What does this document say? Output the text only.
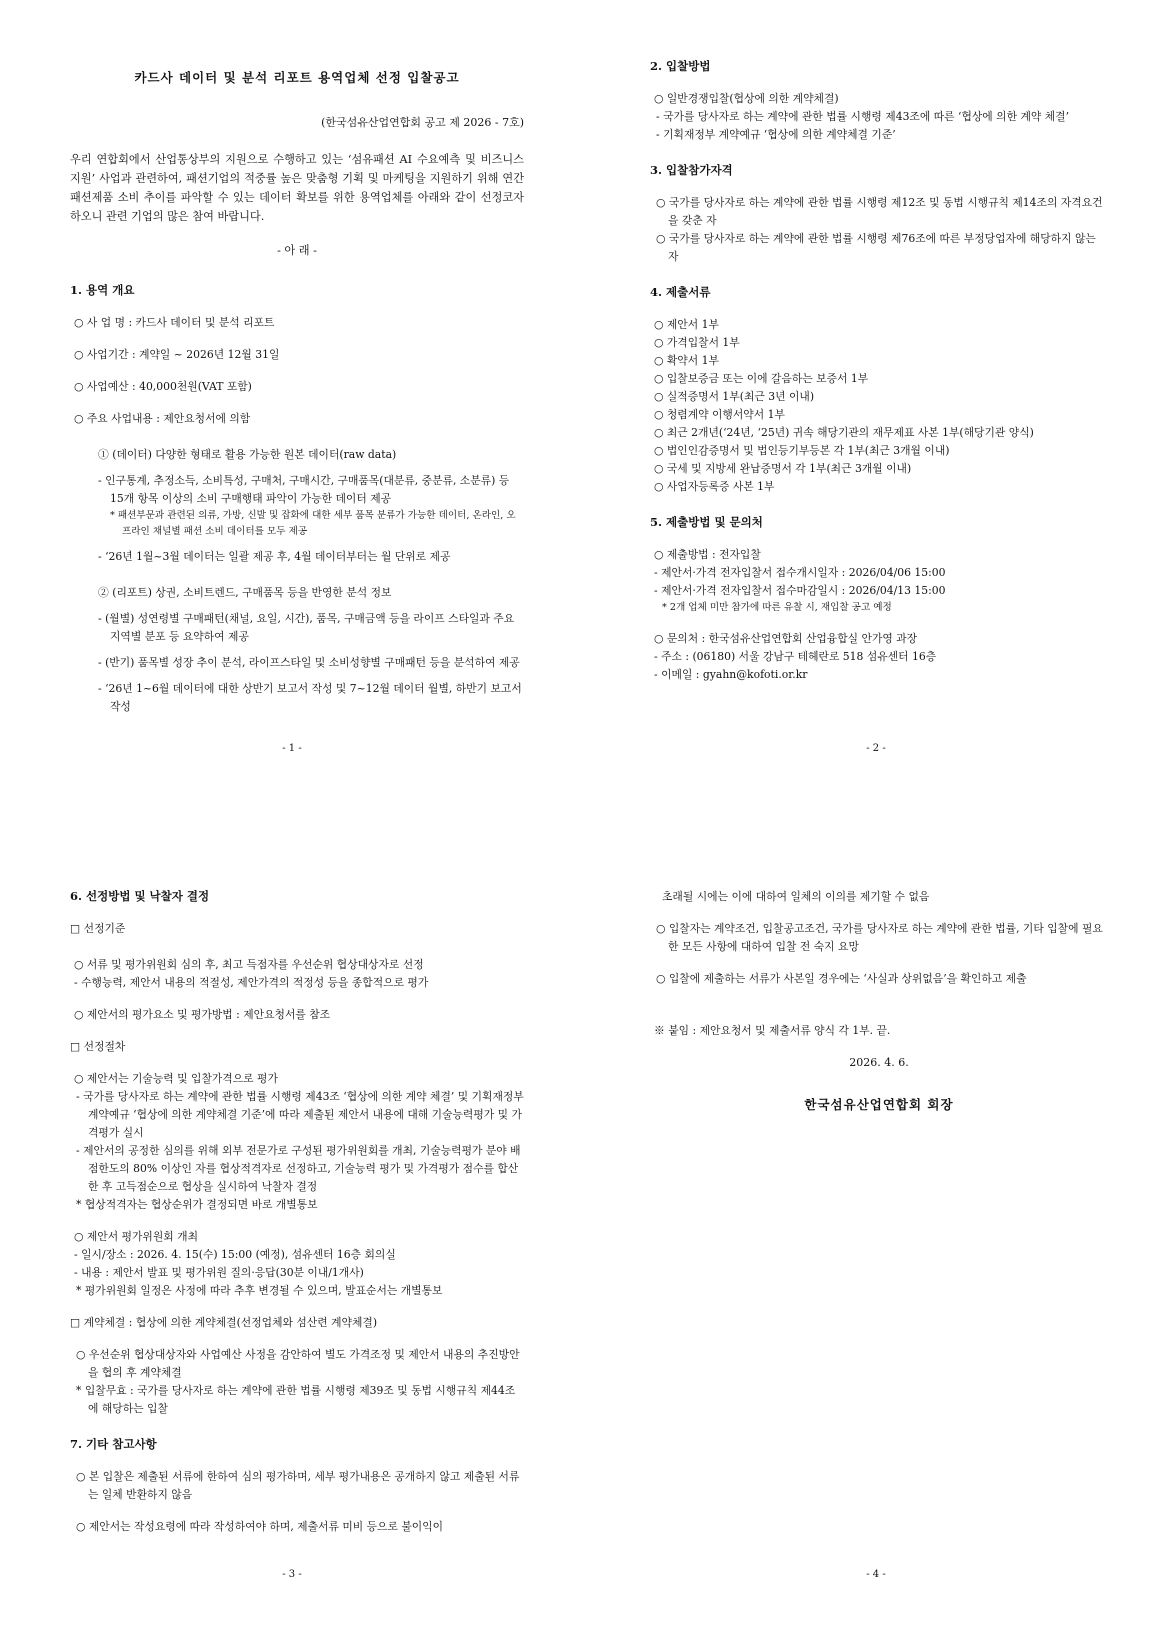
카드사 데이터 및 분석 리포트 용역업체 선정 입찰공고
(한국섬유산업연합회 공고 제 2026 - 7호)

우리 연합회에서 산업통상부의 지원으로 수행하고 있는 ‘섬유패션 AI 수요예측 및 비즈니스 지원’ 사업과 관련하여, 패션기업의 적중률 높은 맞춤형 기획 및 마케팅을 지원하기 위해 연간 패션제품 소비 추이를 파악할 수 있는 데이터 확보를 위한 용역업체를 아래와 같이 선정코자 하오니 관련 기업의 많은 참여 바랍니다.

- 아 래 -
1. 용역 개요

○ 사 업 명 : 카드사 데이터 및 분석 리포트

○ 사업기간 : 계약일 ~ 2026년 12월 31일

○ 사업예산 : 40,000천원(VAT 포함)

○ 주요 사업내용 : 제안요청서에 의함

① (데이터) 다양한 형태로 활용 가능한 원본 데이터(raw data)

- 인구통계, 추정소득, 소비특성, 구매처, 구매시간, 구매품목(대분류, 중분류, 소분류) 등 15개 항목 이상의 소비 구매행태 파악이 가능한 데이터 제공

* 패션부문과 관련된 의류, 가방, 신발 및 잡화에 대한 세부 품목 분류가 가능한 데이터, 온라인, 오프라인 채널별 패션 소비 데이터를 모두 제공

- ‘26년 1월~3월 데이터는 일괄 제공 후, 4월 데이터부터는 월 단위로 제공

② (리포트) 상권, 소비트렌드, 구매품목 등을 반영한 분석 정보

- (월별) 성연령별 구매패턴(채널, 요일, 시간), 품목, 구매금액 등을 라이프 스타일과 주요 지역별 분포 등 요약하여 제공

- (반기) 품목별 성장 추이 분석, 라이프스타일 및 소비성향별 구매패턴 등을 분석하여 제공

- ‘26년 1~6월 데이터에 대한 상반기 보고서 작성 및 7~12월 데이터 월별, 하반기 보고서 작성

- 1 -
2. 입찰방법

○ 일반경쟁입찰(협상에 의한 계약체결)

- 국가를 당사자로 하는 계약에 관한 법률 시행령 제43조에 따른 ‘협상에 의한 계약 체결’

- 기획재정부 계약예규 ‘협상에 의한 계약체결 기준’

3. 입찰참가자격

○ 국가를 당사자로 하는 계약에 관한 법률 시행령 제12조 및 동법 시행규칙 제14조의 자격요건을 갖춘 자

○ 국가를 당사자로 하는 계약에 관한 법률 시행령 제76조에 따른 부정당업자에 해당하지 않는 자

4. 제출서류

○ 제안서 1부

○ 가격입찰서 1부

○ 확약서 1부

○ 입찰보증금 또는 이에 갈음하는 보증서 1부

○ 실적증명서 1부(최근 3년 이내)

○ 청렴계약 이행서약서 1부

○ 최근 2개년(‘24년, ‘25년) 귀속 해당기관의 재무제표 사본 1부(해당기관 양식)

○ 법인인감증명서 및 법인등기부등본 각 1부(최근 3개월 이내)

○ 국세 및 지방세 완납증명서 각 1부(최근 3개월 이내)

○ 사업자등록증 사본 1부

5. 제출방법 및 문의처

○ 제출방법 : 전자입찰

- 제안서·가격 전자입찰서 접수개시일자 : 2026/04/06 15:00

- 제안서·가격 전자입찰서 접수마감일시 : 2026/04/13 15:00

* 2개 업체 미만 참가에 따른 유찰 시, 재입찰 공고 예정

○ 문의처 : 한국섬유산업연합회 산업융합실 안가영 과장

- 주소 : (06180) 서울 강남구 테헤란로 518 섬유센터 16층

- 이메일 : gyahn@kofoti.or.kr

- 2 -
6. 선정방법 및 낙찰자 결정

□ 선정기준

○ 서류 및 평가위원회 심의 후, 최고 득점자를 우선순위 협상대상자로 선정

- 수행능력, 제안서 내용의 적절성, 제안가격의 적정성 등을 종합적으로 평가

○ 제안서의 평가요소 및 평가방법 : 제안요청서를 참조

□ 선정절차

○ 제안서는 기술능력 및 입찰가격으로 평가

- 국가를 당사자로 하는 계약에 관한 법률 시행령 제43조 ‘협상에 의한 계약 체결’ 및 기획재정부 계약예규 ‘협상에 의한 계약체결 기준’에 따라 제출된 제안서 내용에 대해 기술능력평가 및 가격평가 실시

- 제안서의 공정한 심의를 위해 외부 전문가로 구성된 평가위원회를 개최, 기술능력평가 분야 배점한도의 80% 이상인 자를 협상적격자로 선정하고, 기술능력 평가 및 가격평가 점수를 합산한 후 고득점순으로 협상을 실시하여 낙찰자 결정

* 협상적격자는 협상순위가 결정되면 바로 개별통보

○ 제안서 평가위원회 개최

- 일시/장소 : 2026. 4. 15(수) 15:00 (예정), 섬유센터 16층 회의실

- 내용 : 제안서 발표 및 평가위원 질의·응답(30분 이내/1개사)

* 평가위원회 일정은 사정에 따라 추후 변경될 수 있으며, 발표순서는 개별통보

□ 계약체결 : 협상에 의한 계약체결(선정업체와 섬산련 계약체결)

○ 우선순위 협상대상자와 사업예산 사정을 감안하여 별도 가격조정 및 제안서 내용의 추진방안을 협의 후 계약체결

* 입찰무효 : 국가를 당사자로 하는 계약에 관한 법률 시행령 제39조 및 동법 시행규칙 제44조에 해당하는 입찰

7. 기타 참고사항

○ 본 입찰은 제출된 서류에 한하여 심의 평가하며, 세부 평가내용은 공개하지 않고 제출된 서류는 일체 반환하지 않음

○ 제안서는 작성요령에 따라 작성하여야 하며, 제출서류 미비 등으로 불이익이

- 3 -

초래될 시에는 이에 대하여 일체의 이의를 제기할 수 없음

○ 입찰자는 계약조건, 입찰공고조건, 국가를 당사자로 하는 계약에 관한 법률, 기타 입찰에 필요한 모든 사항에 대하여 입찰 전 숙지 요망

○ 입찰에 제출하는 서류가 사본일 경우에는 ‘사실과 상위없음’을 확인하고 제출

※ 붙임 : 제안요청서 및 제출서류 양식 각 1부. 끝.

2026. 4. 6.
한국섬유산업연합회 회장
- 4 -
